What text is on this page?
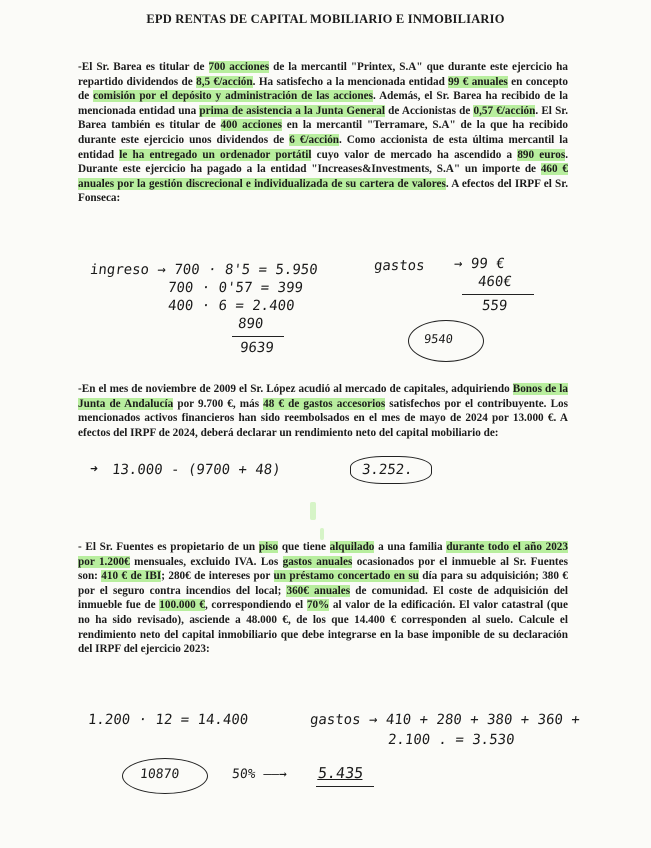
EPD RENTAS DE CAPITAL MOBILIARIO E INMOBILIARIO

-El Sr. Barea es titular de 700 acciones de la mercantil "Printex, S.A" que durante este ejercicio ha repartido dividendos de 8,5 €/acción. Ha satisfecho a la mencionada entidad 99 € anuales en concepto de comisión por el depósito y administración de las acciones. Además, el Sr. Barea ha recibido de la mencionada entidad una prima de asistencia a la Junta General de Accionistas de 0,57 €/acción. El Sr. Barea también es titular de 400 acciones en la mercantil "Terramare, S.A" de la que ha recibido durante este ejercicio unos dividendos de 6 €/acción. Como accionista de esta última mercantil la entidad le ha entregado un ordenador portátil cuyo valor de mercado ha ascendido a 890 euros. Durante este ejercicio ha pagado a la entidad "Increases&Investments, S.A" un importe de 460 € anuales por la gestión discrecional e individualizada de su cartera de valores. A efectos del IRPF el Sr. Fonseca:

ingreso → 700 · 8'5 = 5.950
700 · 0'57 = 399
400 · 6 = 2.400
890
9639
gastos → 99 €
460€
559
9540

-En el mes de noviembre de 2009 el Sr. López acudió al mercado de capitales, adquiriendo Bonos de la Junta de Andalucía por 9.700 €, más 48 € de gastos accesorios satisfechos por el contribuyente. Los mencionados activos financieros han sido reembolsados en el mes de mayo de 2024 por 13.000 €. A efectos del IRPF de 2024, deberá declarar un rendimiento neto del capital mobiliario de:

➜ 13.000 - (9700 + 48)	3.252.

- El Sr. Fuentes es propietario de un piso que tiene alquilado a una familia durante todo el año 2023 por 1.200€ mensuales, excluido IVA. Los gastos anuales ocasionados por el inmueble al Sr. Fuentes son: 410 € de IBI; 280€ de intereses por un préstamo concertado en su día para su adquisición; 380 € por el seguro contra incendios del local; 360€ anuales de comunidad. El coste de adquisición del inmueble fue de 100.000 €, correspondiendo el 70% al valor de la edificación. El valor catastral (que no ha sido revisado), asciende a 48.000 €, de los que 14.400 € corresponden al suelo. Calcule el rendimiento neto del capital inmobiliario que debe integrarse en la base imponible de su declaración del IRPF del ejercicio 2023:

1.200 · 12 = 14.400	gastos → 410 + 280 + 380 + 360 +
2.100 . = 3.530
10870	50% ——→ 5.435
